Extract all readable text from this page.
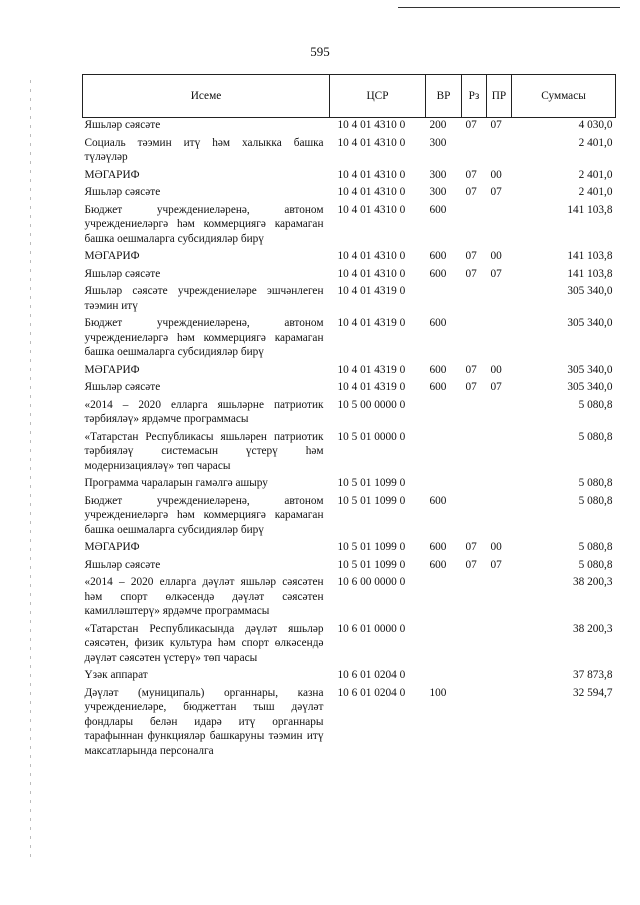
595
Исеме	ЦСР	ВР	Рз	ПР	Суммасы
Яшьләр сәясәте	10 4 01 4310 0	200	07	07	4 030,0
Социаль тәэмин итү һәм халыкка башка түләүләр	10 4 01 4310 0	300			2 401,0
МӘГАРИФ	10 4 01 4310 0	300	07	00	2 401,0
Яшьләр сәясәте	10 4 01 4310 0	300	07	07	2 401,0
Бюджет учреждениеләренә, автоном учреждениеләргә һәм коммерциягә карамаган башка оешмаларга субсидияләр бирү	10 4 01 4310 0	600			141 103,8
МӘГАРИФ	10 4 01 4310 0	600	07	00	141 103,8
Яшьләр сәясәте	10 4 01 4310 0	600	07	07	141 103,8
Яшьләр сәясәте учреждениеләре эшчәнлеген тәэмин итү	10 4 01 4319 0				305 340,0
Бюджет учреждениеләренә, автоном учреждениеләргә һәм коммерциягә карамаган башка оешмаларга субсидияләр бирү	10 4 01 4319 0	600			305 340,0
МӘГАРИФ	10 4 01 4319 0	600	07	00	305 340,0
Яшьләр сәясәте	10 4 01 4319 0	600	07	07	305 340,0
«2014 – 2020 елларга яшьләрне патриотик тәрбияләү» ярдәмче программасы	10 5 00 0000 0				5 080,8
«Татарстан Республикасы яшьләрен патриотик тәрбияләү системасын үстерү һәм модернизацияләү» төп чарасы	10 5 01 0000 0				5 080,8
Программа чараларын гамәлгә ашыру	10 5 01 1099 0				5 080,8
Бюджет учреждениеләренә, автоном учреждениеләргә һәм коммерциягә карамаган башка оешмаларга субсидияләр бирү	10 5 01 1099 0	600			5 080,8
МӘГАРИФ	10 5 01 1099 0	600	07	00	5 080,8
Яшьләр сәясәте	10 5 01 1099 0	600	07	07	5 080,8
«2014 – 2020 елларга дәүләт яшьләр сәясәтен һәм спорт өлкәсендә дәүләт сәясәтен камилләштерү» ярдәмче программасы	10 6 00 0000 0				38 200,3
«Татарстан Республикасында дәүләт яшьләр сәясәтен, физик культура һәм спорт өлкәсендә дәүләт сәясәтен үстерү» төп чарасы	10 6 01 0000 0				38 200,3
Үзәк аппарат	10 6 01 0204 0				37 873,8
Дәүләт (муниципаль) органнары, казна учреждениеләре, бюджеттан тыш дәүләт фондлары белән идарә итү органнары тарафыннан функцияләр башкаруны тәэмин итү максатларында персоналга	10 6 01 0204 0	100			32 594,7
